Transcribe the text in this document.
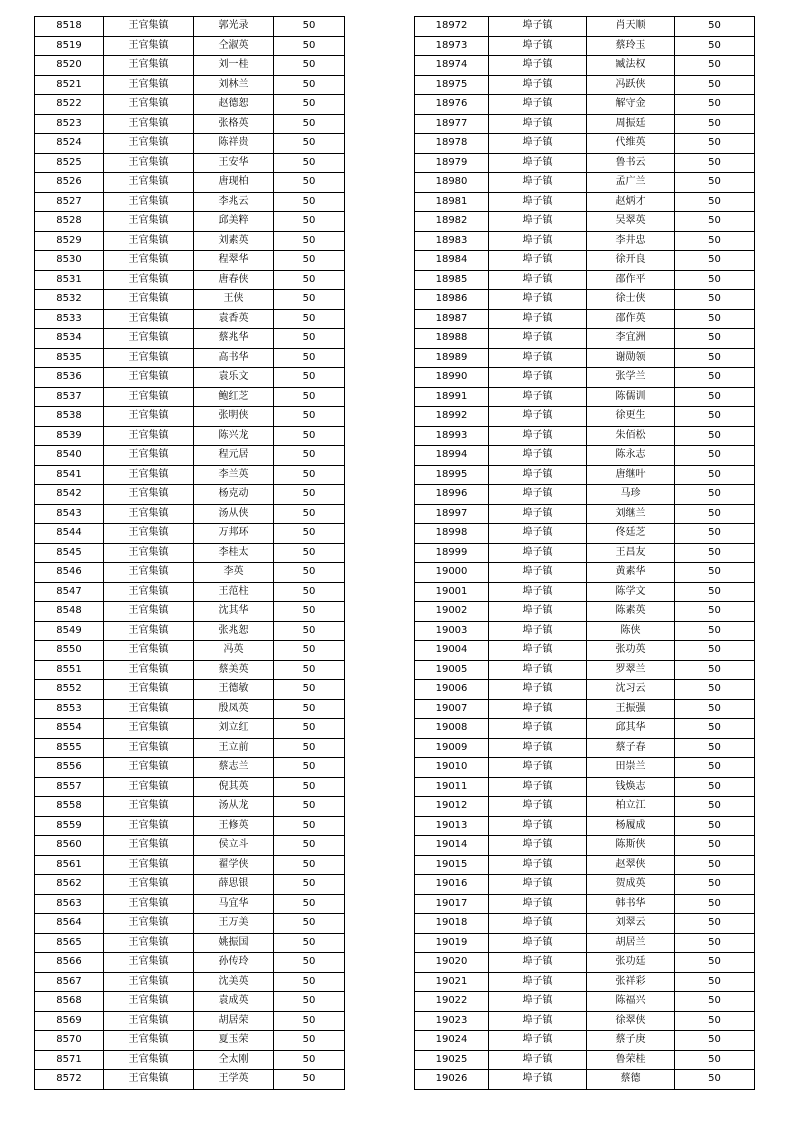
8518	王官集镇	郭光录	50
8519	王官集镇	仝淑英	50
8520	王官集镇	刘一桂	50
8521	王官集镇	刘林兰	50
8522	王官集镇	赵德恕	50
8523	王官集镇	张格英	50
8524	王官集镇	陈祥贵	50
8525	王官集镇	王安华	50
8526	王官集镇	唐现柏	50
8527	王官集镇	李兆云	50
8528	王官集镇	邱美粹	50
8529	王官集镇	刘素英	50
8530	王官集镇	程翠华	50
8531	王官集镇	唐春侠	50
8532	王官集镇	王侠	50
8533	王官集镇	袁香英	50
8534	王官集镇	蔡兆华	50
8535	王官集镇	高书华	50
8536	王官集镇	袁乐文	50
8537	王官集镇	鲍红芝	50
8538	王官集镇	张明侠	50
8539	王官集镇	陈兴龙	50
8540	王官集镇	程元居	50
8541	王官集镇	李兰英	50
8542	王官集镇	杨克动	50
8543	王官集镇	汤从侠	50
8544	王官集镇	万邦环	50
8545	王官集镇	李桂太	50
8546	王官集镇	李英	50
8547	王官集镇	王范柱	50
8548	王官集镇	沈其华	50
8549	王官集镇	张兆恕	50
8550	王官集镇	冯英	50
8551	王官集镇	蔡美英	50
8552	王官集镇	王德敏	50
8553	王官集镇	殷凤英	50
8554	王官集镇	刘立红	50
8555	王官集镇	王立前	50
8556	王官集镇	蔡志兰	50
8557	王官集镇	倪其英	50
8558	王官集镇	汤从龙	50
8559	王官集镇	王修英	50
8560	王官集镇	侯立斗	50
8561	王官集镇	翟学侠	50
8562	王官集镇	薛思银	50
8563	王官集镇	马宜华	50
8564	王官集镇	王万美	50
8565	王官集镇	姚振国	50
8566	王官集镇	孙传玲	50
8567	王官集镇	沈美英	50
8568	王官集镇	袁成英	50
8569	王官集镇	胡居荣	50
8570	王官集镇	夏玉荣	50
8571	王官集镇	仝太刚	50
8572	王官集镇	王学英	50
18972	埠子镇	肖天顺	50
18973	埠子镇	蔡玲玉	50
18974	埠子镇	臧法权	50
18975	埠子镇	冯跃侠	50
18976	埠子镇	解守金	50
18977	埠子镇	周振廷	50
18978	埠子镇	代维英	50
18979	埠子镇	鲁书云	50
18980	埠子镇	孟广兰	50
18981	埠子镇	赵炳才	50
18982	埠子镇	吴翠英	50
18983	埠子镇	李井忠	50
18984	埠子镇	徐开良	50
18985	埠子镇	邵作平	50
18986	埠子镇	徐士侠	50
18987	埠子镇	邵作英	50
18988	埠子镇	李宜洲	50
18989	埠子镇	谢勋领	50
18990	埠子镇	张学兰	50
18991	埠子镇	陈儒训	50
18992	埠子镇	徐更生	50
18993	埠子镇	朱佰松	50
18994	埠子镇	陈永志	50
18995	埠子镇	唐继叶	50
18996	埠子镇	马珍	50
18997	埠子镇	刘继兰	50
18998	埠子镇	佟廷芝	50
18999	埠子镇	王昌友	50
19000	埠子镇	黄素华	50
19001	埠子镇	陈学文	50
19002	埠子镇	陈素英	50
19003	埠子镇	陈侠	50
19004	埠子镇	张功英	50
19005	埠子镇	罗翠兰	50
19006	埠子镇	沈习云	50
19007	埠子镇	王振强	50
19008	埠子镇	邱其华	50
19009	埠子镇	蔡子春	50
19010	埠子镇	田崇兰	50
19011	埠子镇	钱焕志	50
19012	埠子镇	柏立江	50
19013	埠子镇	杨履成	50
19014	埠子镇	陈斯侠	50
19015	埠子镇	赵翠侠	50
19016	埠子镇	贺成英	50
19017	埠子镇	韩书华	50
19018	埠子镇	刘翠云	50
19019	埠子镇	胡居兰	50
19020	埠子镇	张功廷	50
19021	埠子镇	张祥彩	50
19022	埠子镇	陈福兴	50
19023	埠子镇	徐翠侠	50
19024	埠子镇	蔡子庚	50
19025	埠子镇	鲁荣桂	50
19026	埠子镇	蔡德	50
